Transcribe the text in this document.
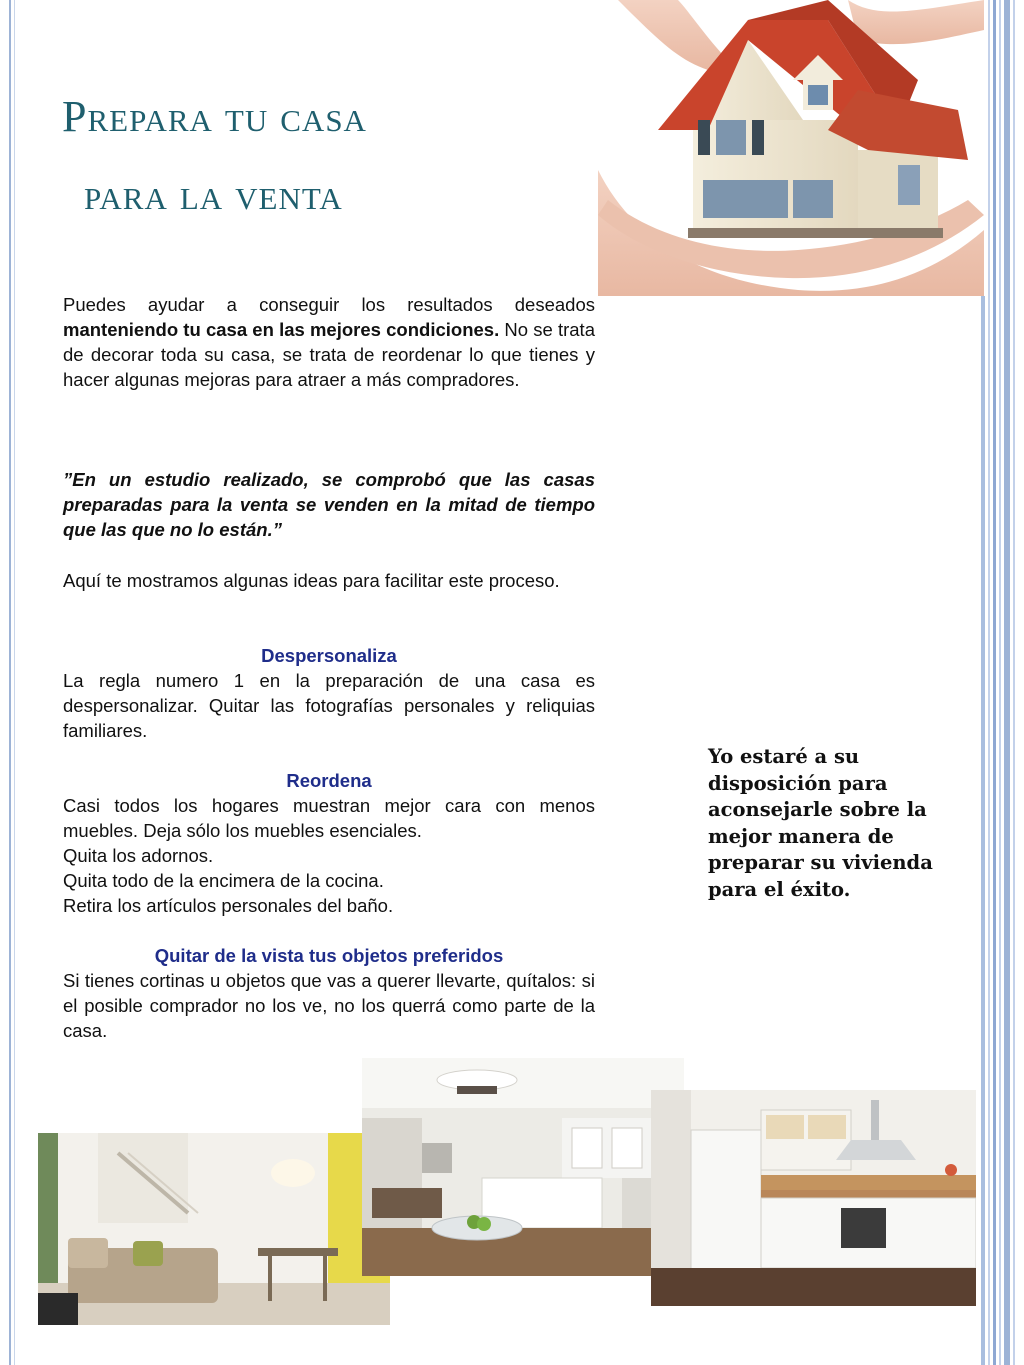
Prepara tu casa
para la venta
Puedes ayudar a conseguir los resultados deseados manteniendo tu casa en las mejores condiciones. No se trata de decorar toda su casa, se trata de reordenar lo que tienes y hacer algunas mejoras para atraer a más compradores.
”En un estudio realizado, se comprobó que las casas preparadas para la venta se venden en la mitad de tiempo que las que no lo están.”
Aquí te mostramos algunas ideas para facilitar este proceso.
Despersonaliza
La regla numero 1 en la preparación de una casa es despersonalizar. Quitar las fotografías personales y reliquias familiares.
Reordena
Casi todos los hogares muestran mejor cara con menos muebles. Deja sólo los muebles esenciales.
Quita los adornos.
Quita todo de la encimera de la cocina.
Retira los artículos personales del baño.
Quitar de la vista tus objetos preferidos
Si tienes cortinas u objetos que vas a querer llevarte, quítalos: si el posible comprador no los ve, no los querrá como parte de la casa.
Yo estaré a su disposición para aconsejarle sobre la mejor manera de preparar su vivienda para el éxito.
